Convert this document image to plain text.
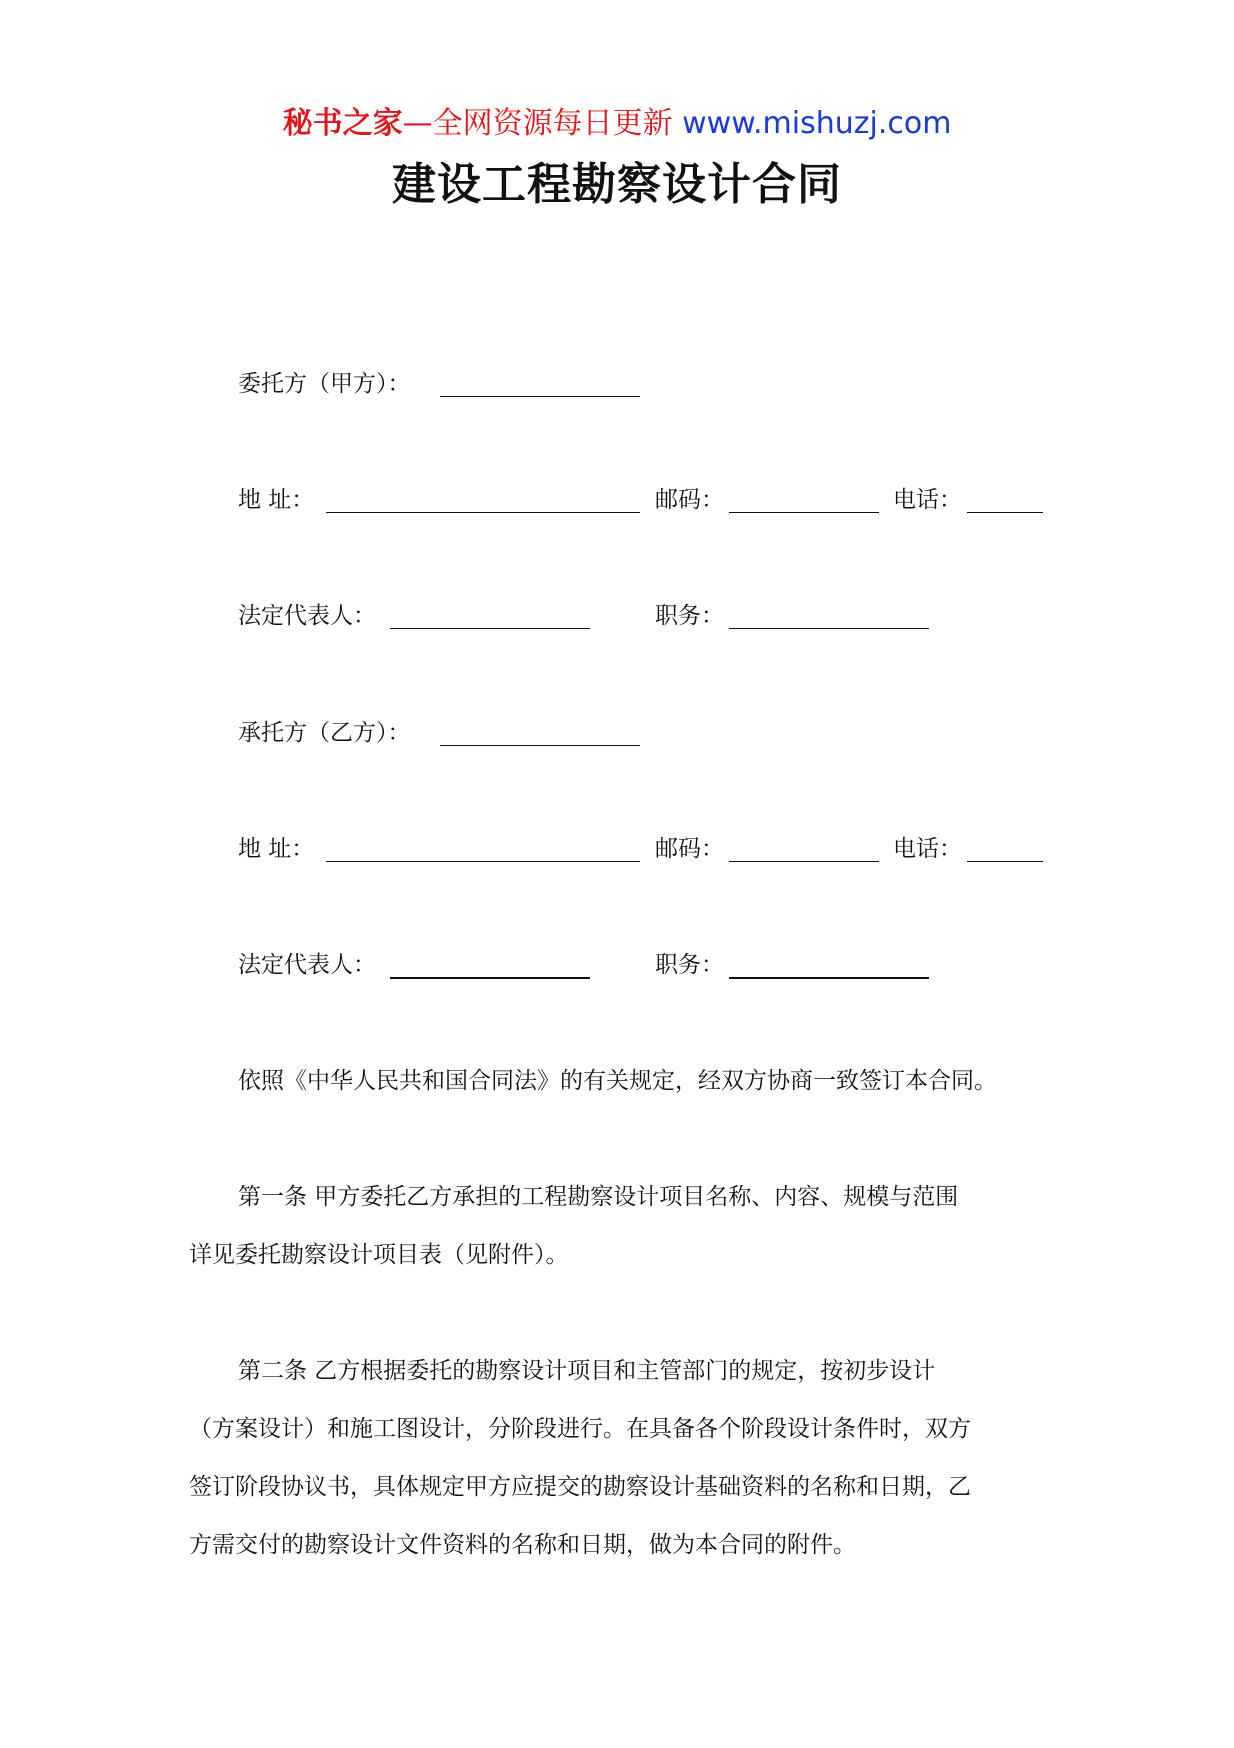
秘书之家—全网资源每日更新 www.mishuzj.com
建设工程勘察设计合同
委托方（甲方）：
地 址：	邮码：	电话：
法定代表人：	职务：
承托方（乙方）：
地 址：	邮码：	电话：
法定代表人：	职务：
依照《中华人民共和国合同法》的有关规定，经双方协商一致签订本合同。
第一条 甲方委托乙方承担的工程勘察设计项目名称、内容、规模与范围
详见委托勘察设计项目表（见附件）。
第二条 乙方根据委托的勘察设计项目和主管部门的规定，按初步设计
（方案设计）和施工图设计，分阶段进行。在具备各个阶段设计条件时，双方
签订阶段协议书，具体规定甲方应提交的勘察设计基础资料的名称和日期，乙
方需交付的勘察设计文件资料的名称和日期，做为本合同的附件。
